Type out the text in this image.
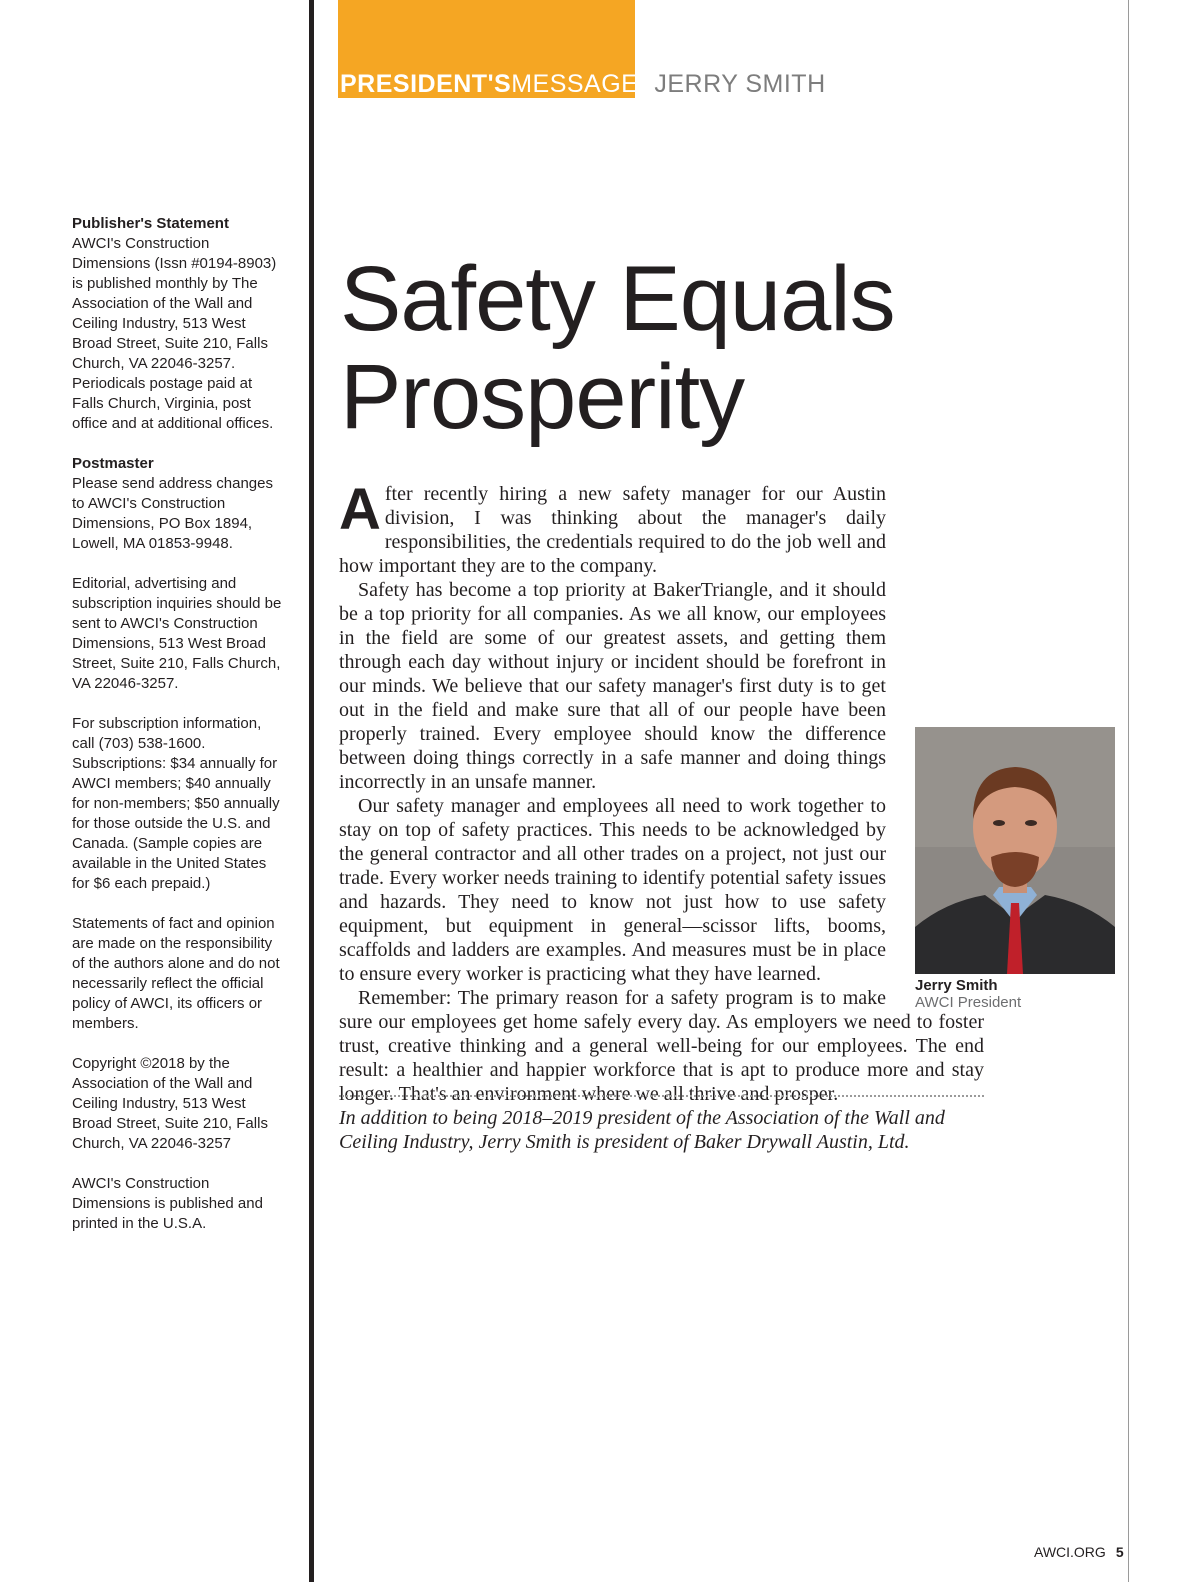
Publisher's Statement

AWCI's Construction Dimensions (Issn #0194-8903) is published monthly by The Association of the Wall and Ceiling Industry, 513 West Broad Street, Suite 210, Falls Church, VA 22046-3257. Periodicals postage paid at Falls Church, Virginia, post office and at additional offices.

Postmaster

Please send address changes to AWCI's Construction Dimensions, PO Box 1894, Lowell, MA 01853-9948.

Editorial, advertising and subscription inquiries should be sent to AWCI's Construction Dimensions, 513 West Broad Street, Suite 210, Falls Church, VA 22046-3257.

For subscription information, call (703) 538-1600. Subscriptions: $34 annually for AWCI members; $40 annually for non-members; $50 annually for those outside the U.S. and Canada. (Sample copies are available in the United States for $6 each prepaid.)

Statements of fact and opinion are made on the responsibility of the authors alone and do not necessarily reflect the official policy of AWCI, its officers or members.

Copyright ©2018 by the Association of the Wall and Ceiling Industry, 513 West Broad Street, Suite 210, Falls Church, VA 22046-3257

AWCI's Construction Dimensions is published and printed in the U.S.A.

PRESIDENT'SMESSAGE JERRY SMITH
Safety Equals Prosperity

After recently hiring a new safety manager for our Austin division, I was thinking about the manager's daily responsibilities, the credentials required to do the job well and how important they are to the company.

Safety has become a top priority at BakerTriangle, and it should be a top priority for all companies. As we all know, our employees in the field are some of our greatest assets, and getting them through each day without injury or incident should be forefront in our minds. We believe that our safety manager's first duty is to get out in the field and make sure that all of our people have been properly trained. Every employee should know the difference between doing things correctly in a safe manner and doing things incorrectly in an unsafe manner.

Our safety manager and employees all need to work together to stay on top of safety practices. This needs to be acknowledged by the general contractor and all other trades on a project, not just our trade. Every worker needs training to identify potential safety issues and hazards. They need to know not just how to use safety equipment, but equipment in general—scissor lifts, booms, scaffolds and ladders are examples. And measures must be in place to ensure every worker is practicing what they have learned.

Remember: The primary reason for a safety program is to make sure our employees get home safely every day. As employers we need to foster trust, creative thinking and a general well-being for our employees. The end result: a healthier and happier workforce that is apt to produce more and stay longer. That's an environment where we all thrive and prosper.

Jerry Smith
AWCI President

In addition to being 2018–2019 president of the Association of the Wall and Ceiling Industry, Jerry Smith is president of Baker Drywall Austin, Ltd.

AWCI.ORG 5
